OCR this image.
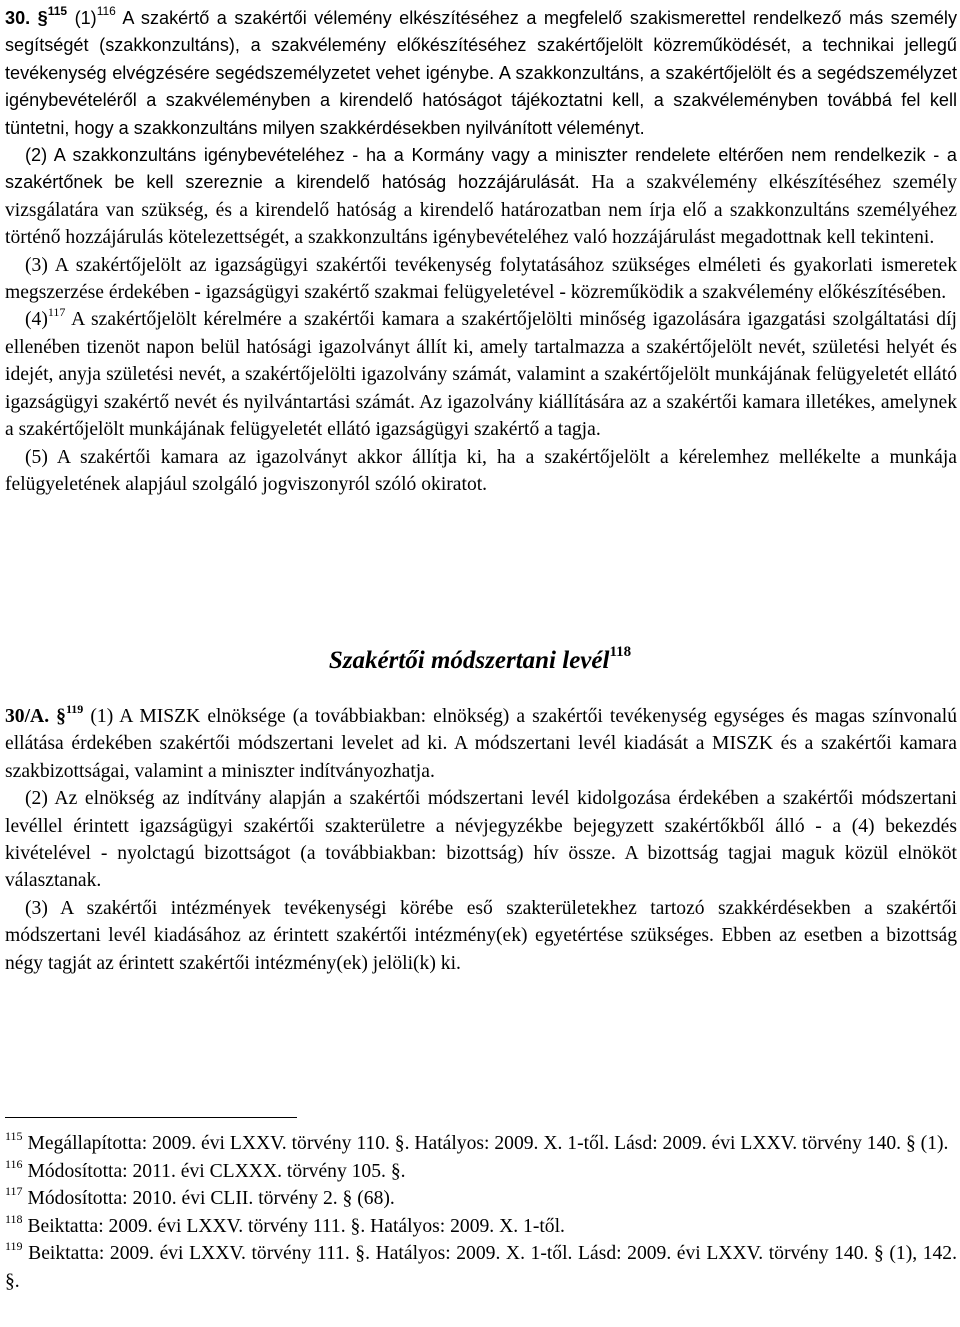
30. §$^{115}$ $(1)^{116}$ A szakértő a szakértői vélemény elkészítéséhez a megfelelő szakismerettel rendelkező más személy segítségét (szakkonzultáns), a szakvélemény előkészítéséhez szakértőjelölt közreműködését, a technikai jellegű tevékenység elvégzésére segédszemélyzetet vehet igénybe. A szakkonzultáns, a szakértőjelölt és a segédszemélyzet igénybevételéről a szakvéleményben a kirendelő hatóságot tájékoztatni kell, a szakvéleményben továbbá fel kell tüntetni, hogy a szakkonzultáns milyen szakkérdésekben nyilvánított véleményt.

(2) A szakkonzultáns igénybevételéhez - ha a Kormány vagy a miniszter rendelete eltérően nem rendelkezik - a szakértőnek be kell szereznie a kirendelő hatóság hozzájárulását. Ha a szakvélemény elkészítéséhez személy vizsgálatára van szükség, és a kirendelő hatóság a kirendelő határozatban nem írja elő a szakkonzultáns személyéhez történő hozzájárulás kötelezettségét, a szakkonzultáns igénybevételéhez való hozzájárulást megadottnak kell tekinteni.

(3) A szakértőjelölt az igazságügyi szakértői tevékenység folytatásához szükséges elméleti és gyakorlati ismeretek megszerzése érdekében - igazságügyi szakértő szakmai felügyeletével - közreműködik a szakvélemény előkészítésében.

$(4)^{117}$ A szakértőjelölt kérelmére a szakértői kamara a szakértőjelölti minőség igazolására igazgatási szolgáltatási díj ellenében tizenöt napon belül hatósági igazolványt állít ki, amely tartalmazza a szakértőjelölt nevét, születési helyét és idejét, anyja születési nevét, a szakértőjelölti igazolvány számát, valamint a szakértőjelölt munkájának felügyeletét ellátó igazságügyi szakértő nevét és nyilvántartási számát. Az igazolvány kiállítására az a szakértői kamara illetékes, amelynek a szakértőjelölt munkájának felügyeletét ellátó igazságügyi szakértő a tagja.

(5) A szakértői kamara az igazolványt akkor állítja ki, ha a szakértőjelölt a kérelemhez mellékelte a munkája felügyeletének alapjául szolgáló jogviszonyról szóló okiratot.

Szakértői módszertani levél$^{118}$

30/A. §$^{119}$ (1) A MISZK elnöksége (a továbbiakban: elnökség) a szakértői tevékenység egységes és magas színvonalú ellátása érdekében szakértői módszertani levelet ad ki. A módszertani levél kiadását a MISZK és a szakértői kamara szakbizottságai, valamint a miniszter indítványozhatja.

(2) Az elnökség az indítvány alapján a szakértői módszertani levél kidolgozása érdekében a szakértői módszertani levéllel érintett igazságügyi szakértői szakterületre a névjegyzékbe bejegyzett szakértőkből álló - a (4) bekezdés kivételével - nyolctagú bizottságot (a továbbiakban: bizottság) hív össze. A bizottság tagjai maguk közül elnököt választanak.

(3) A szakértői intézmények tevékenységi körébe eső szakterületekhez tartozó szakkérdésekben a szakértői módszertani levél kiadásához az érintett szakértői intézmény(ek) egyetértése szükséges. Ebben az esetben a bizottság négy tagját az érintett szakértői intézmény(ek) jelöli(k) ki.

$^{115}$ Megállapította: 2009. évi LXXV. törvény 110. §. Hatályos: 2009. X. 1-től. Lásd: 2009. évi LXXV. törvény 140. § (1).

$^{116}$ Módosította: 2011. évi CLXXX. törvény 105. §.

$^{117}$ Módosította: 2010. évi CLII. törvény 2. § (68).

$^{118}$ Beiktatta: 2009. évi LXXV. törvény 111. §. Hatályos: 2009. X. 1-től.

$^{119}$ Beiktatta: 2009. évi LXXV. törvény 111. §. Hatályos: 2009. X. 1-től. Lásd: 2009. évi LXXV. törvény 140. § (1), 142. §.
